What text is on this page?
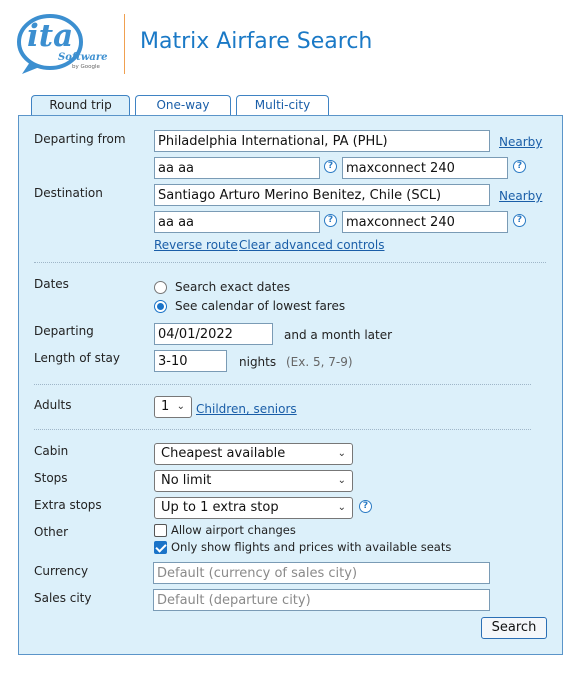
ita
Software
by Google
Matrix Airfare Search
Round trip	One-way	Multi-city
Departing from
Philadelphia International, PA (PHL)	Nearby
aa aa
?
maxconnect 240	?
Destination
Santiago Arturo Merino Benitez, Chile (SCL)	Nearby
aa aa
?
maxconnect 240	?
Reverse route Clear advanced controls
Dates	Search exact dates
See calendar of lowest fares
Departing
04/01/2022	and a month later
Length of stay
3-10	nights (Ex. 5, 7-9)
Adults	1 ⌄ Children, seniors
Cabin	Cheapest available	⌄
Stops	No limit	⌄
Extra stops	Up to 1 extra stop	⌄	?
Other	Allow airport changes
Only show flights and prices with available seats
Currency
Default (currency of sales city)
Sales city
Default (departure city)
Search
